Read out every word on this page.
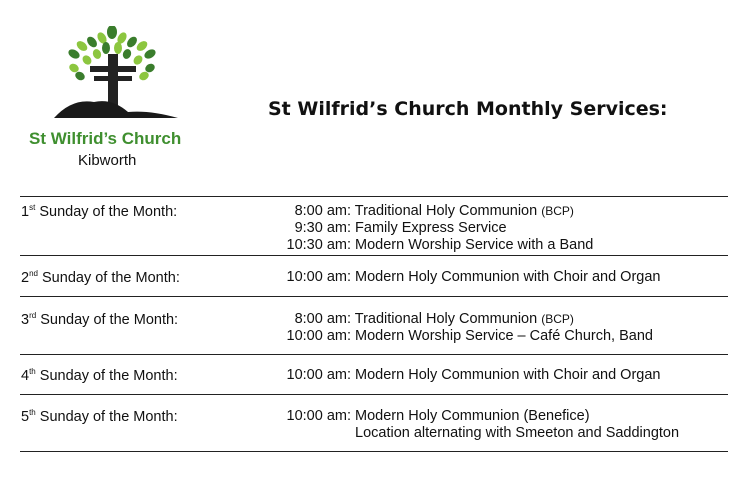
St Wilfrid’s Church
Kibworth
St Wilfrid’s Church Monthly Services:
1st Sunday of the Month:	8:00 am: Traditional Holy Communion (BCP)
9:30 am: Family Express Service
10:30 am: Modern Worship Service with a Band
2nd Sunday of the Month:	10:00 am: Modern Holy Communion with Choir and Organ
3rd Sunday of the Month:	8:00 am: Traditional Holy Communion (BCP)
10:00 am: Modern Worship Service – Café Church, Band
4th Sunday of the Month:	10:00 am: Modern Holy Communion with Choir and Organ
5th Sunday of the Month:	10:00 am: Modern Holy Communion (Benefice)
Location alternating with Smeeton and Saddington
